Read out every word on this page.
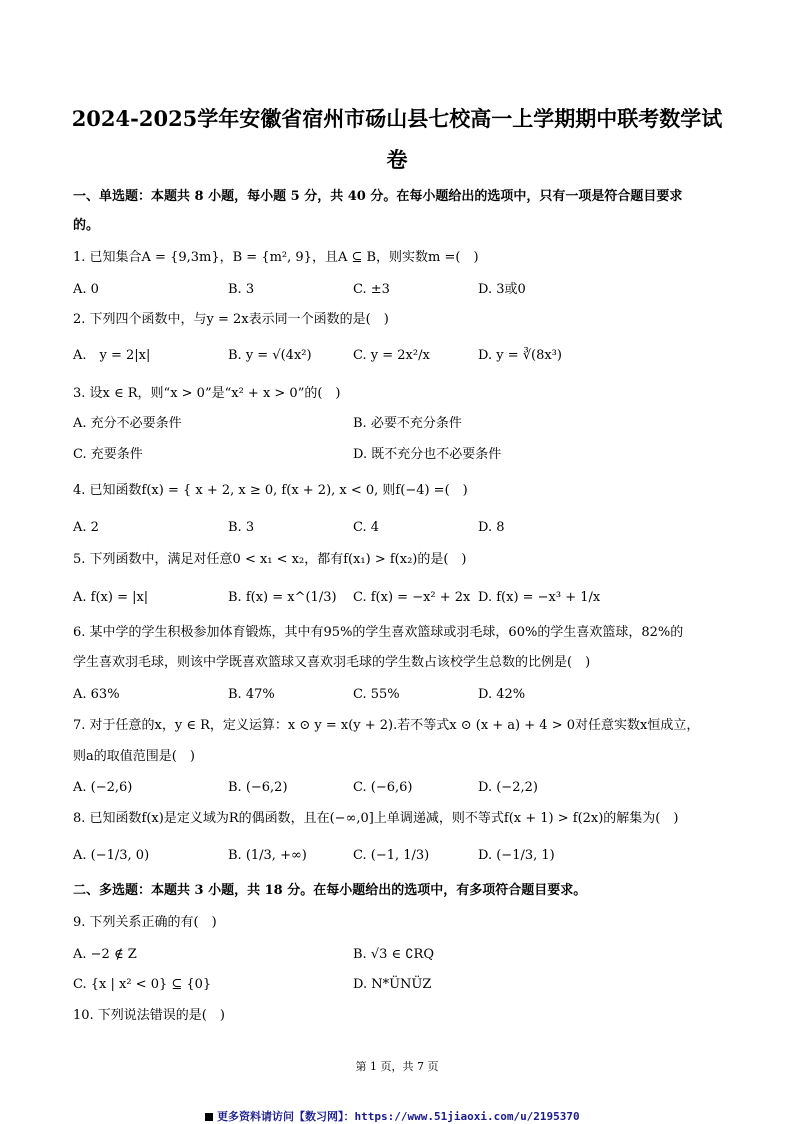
2024-2025学年安徽省宿州市砀山县七校高一上学期期中联考数学试
卷
一、单选题：本题共 8 小题，每小题 5 分，共 40 分。在每小题给出的选项中，只有一项是符合题目要求
的。
1. 已知集合A = {9,3m}，B = {m², 9}，且A ⊆ B，则实数m =(　)
A. 0	B. 3	C. ±3	D. 3或0
2. 下列四个函数中，与y = 2x表示同一个函数的是(　)
A.　y = 2|x|	B. y = √(4x²)	C. y = 2x²/x	D. y = ∛(8x³)
3. 设x ∈ R，则“x > 0”是“x² + x > 0”的(　)
A. 充分不必要条件	B. 必要不充分条件
C. 充要条件	D. 既不充分也不必要条件
4. 已知函数f(x) = { x + 2, x ≥ 0, f(x + 2), x < 0, 则f(−4) =(　)
A. 2	B. 3	C. 4	D. 8
5. 下列函数中，满足对任意0 < x₁ < x₂，都有f(x₁) > f(x₂)的是(　)
A. f(x) = |x|	B. f(x) = x^(1/3) C. f(x) = −x² + 2x D. f(x) = −x³ + 1/x
6. 某中学的学生积极参加体育锻炼，其中有95%的学生喜欢篮球或羽毛球，60%的学生喜欢篮球，82%的
学生喜欢羽毛球，则该中学既喜欢篮球又喜欢羽毛球的学生数占该校学生总数的比例是(　)
A. 63%	B. 47%	C. 55%	D. 42%
7. 对于任意的x，y ∈ R，定义运算：x ⊙ y = x(y + 2).若不等式x ⊙ (x + a) + 4 > 0对任意实数x恒成立，
则a的取值范围是(　)
A. (−2,6)	B. (−6,2)	C. (−6,6)	D. (−2,2)
8. 已知函数f(x)是定义域为R的偶函数，且在(−∞,0]上单调递减，则不等式f(x + 1) > f(2x)的解集为(　)
A. (−1/3, 0)	B. (1/3, +∞)	C. (−1, 1/3)	D. (−1/3, 1)
二、多选题：本题共 3 小题，共 18 分。在每小题给出的选项中，有多项符合题目要求。
9. 下列关系正确的有(　)
A. −2 ∉ Z	B. √3 ∈ ∁RQ
C. {x | x² < 0} ⊆ {0}	D. N*ÜNÜZ
10. 下列说法错误的是(　)
第 1 页，共 7 页
更多资料请访问【数习网】：https://www.51jiaoxi.com/u/2195370
